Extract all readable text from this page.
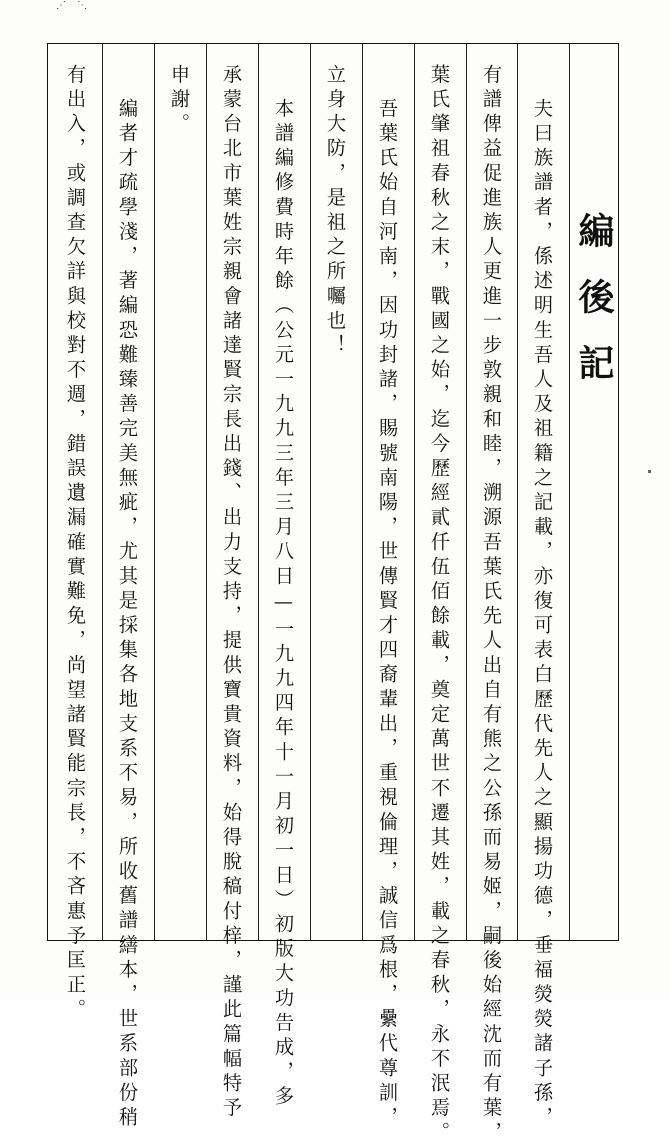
⋰ ⋱
編後記
夫曰族譜者，係述明生吾人及祖籍之記載，亦復可表白歷代先人之顯揚功德，垂福熒熒諸子孫，
有譜俾益促進族人更進一步敦親和睦，溯源吾葉氏先人出自有熊之公孫而易姬，嗣後始經沈而有葉，
葉氏肇祖春秋之末，戰國之始，迄今歷經貳仟伍佰餘載，奠定萬世不遷其姓，載之春秋，永不泯焉。
吾葉氏始自河南，因功封諸，賜號南陽，世傳賢才四裔輩出，重視倫理，誠信爲根，纍代尊訓，
立身大防，是祖之所囑也！
本譜編修費時年餘（公元一九九三年三月八日—一九九四年十一月初一日）初版大功告成，多
承蒙台北市葉姓宗親會諸達賢宗長出錢、出力支持，提供寶貴資料，始得脫稿付梓，謹此篇幅特予
申謝。
編者才疏學淺，著編恐難臻善完美無疵，尤其是採集各地支系不易，所收舊譜繕本，世系部份稍
有出入，或調查欠詳與校對不週，錯誤遺漏確實難免，尚望諸賢能宗長，不吝惠予匡正。
